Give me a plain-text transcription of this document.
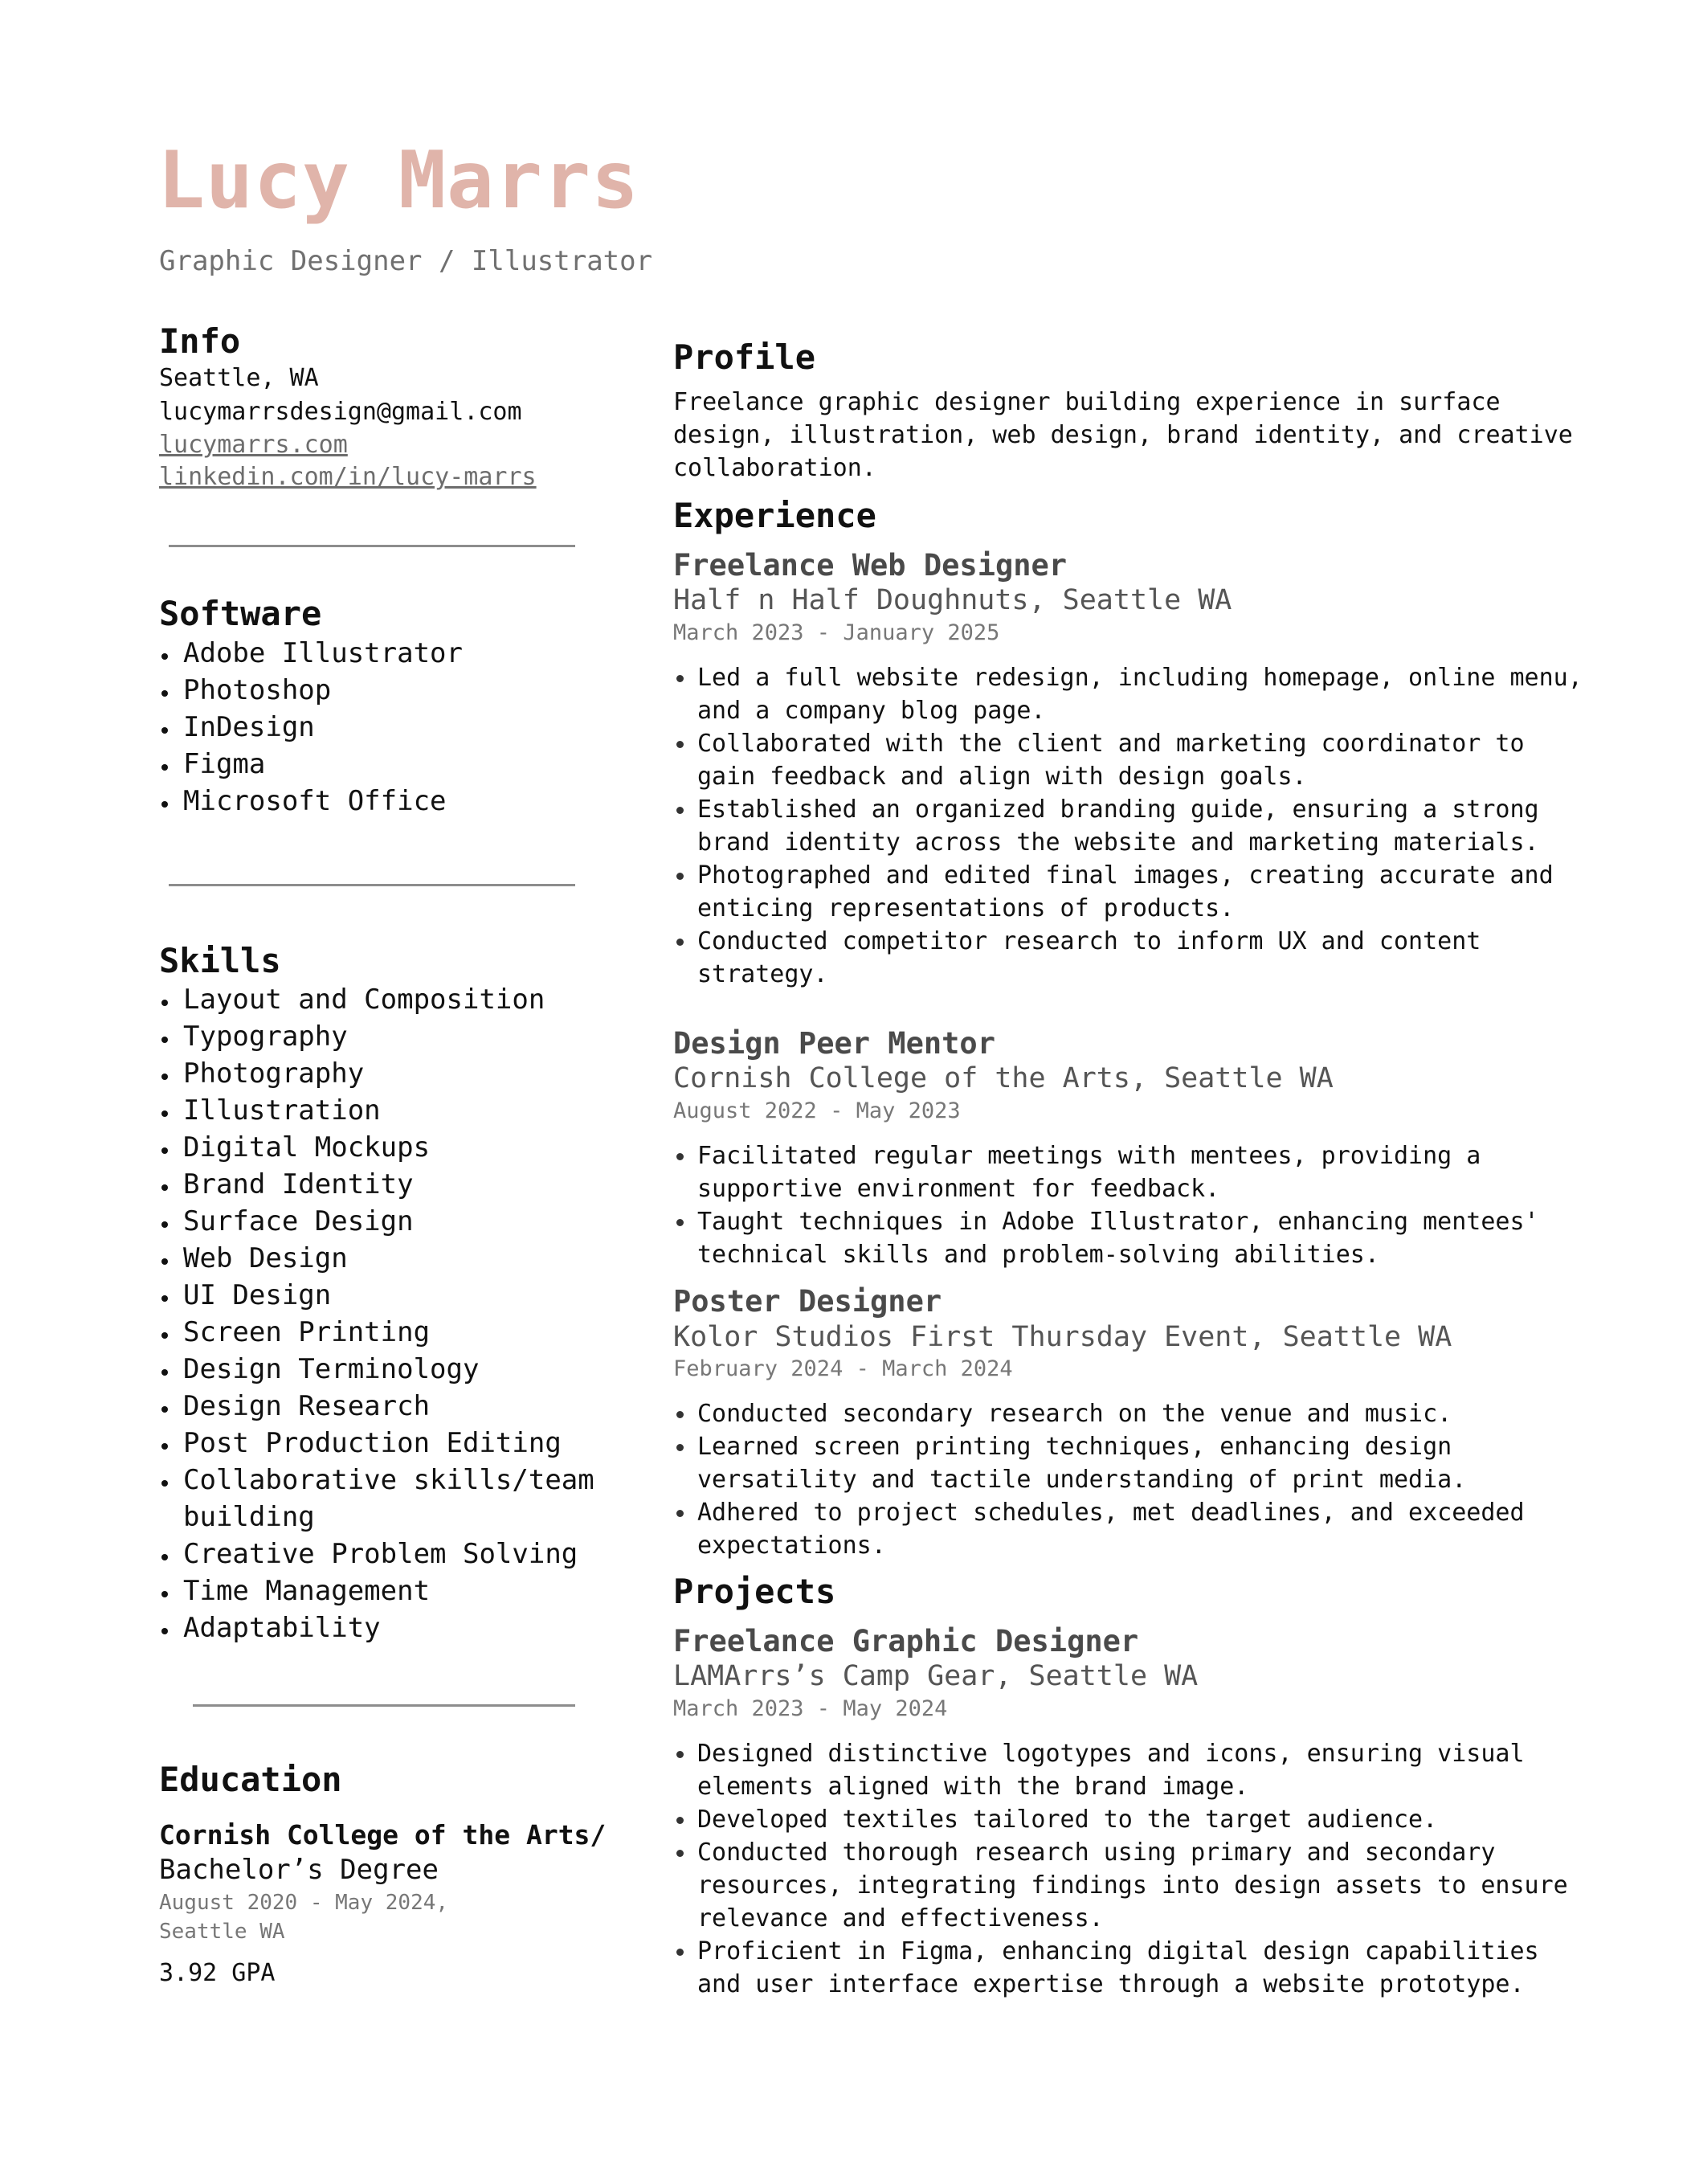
Lucy Marrs
Graphic Designer / Illustrator
Info
Seattle, WA
lucymarrsdesign@gmail.com
lucymarrs.com
linkedin.com/in/lucy-marrs
Software
Adobe Illustrator
Photoshop
InDesign
Figma
Microsoft Office
Skills
Layout and Composition
Typography
Photography
Illustration
Digital Mockups
Brand Identity
Surface Design
Web Design
UI Design
Screen Printing
Design Terminology
Design Research
Post Production Editing
Collaborative skills/team building
Creative Problem Solving
Time Management
Adaptability
Education
Cornish College of the Arts/
Bachelor’s Degree
August 2020 - May 2024,
Seattle WA
3.92 GPA
Profile

Freelance graphic designer building experience in surface design, illustration, web design, brand identity, and creative collaboration.

Experience
Freelance Web Designer
Half n Half Doughnuts, Seattle WA
March 2023 - January 2025
Led a full website redesign, including homepage, online menu, and a company blog page.
Collaborated with the client and marketing coordinator to gain feedback and align with design goals.
Established an organized branding guide, ensuring a strong brand identity across the website and marketing materials.
Photographed and edited final images, creating accurate and enticing representations of products.
Conducted competitor research to inform UX and content strategy.
Design Peer Mentor
Cornish College of the Arts, Seattle WA
August 2022 - May 2023
Facilitated regular meetings with mentees, providing a supportive environment for feedback.
Taught techniques in Adobe Illustrator, enhancing mentees' technical skills and problem-solving abilities.
Poster Designer
Kolor Studios First Thursday Event, Seattle WA
February 2024 - March 2024
Conducted secondary research on the venue and music.
Learned screen printing techniques, enhancing design versatility and tactile understanding of print media.
Adhered to project schedules, met deadlines, and exceeded expectations.
Projects
Freelance Graphic Designer
LAMArrs’s Camp Gear, Seattle WA
March 2023 - May 2024
Designed distinctive logotypes and icons, ensuring visual elements aligned with the brand image.
Developed textiles tailored to the target audience.
Conducted thorough research using primary and secondary resources, integrating findings into design assets to ensure relevance and effectiveness.
Proficient in Figma, enhancing digital design capabilities and user interface expertise through a website prototype.
